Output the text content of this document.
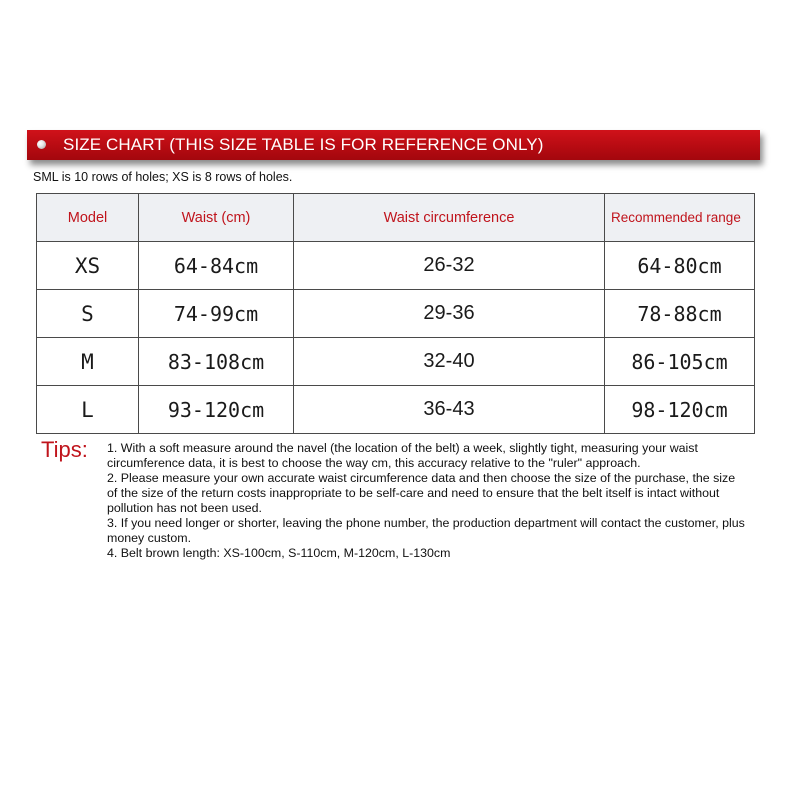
SIZE CHART (THIS SIZE TABLE IS FOR REFERENCE ONLY)
SML is 10 rows of holes; XS is 8 rows of holes.
Model	Waist (cm)	Waist circumference	Recommended range
XS	64-84cm	26-32	64-80cm
S	74-99cm	29-36	78-88cm
M	83-108cm	32-40	86-105cm
L	93-120cm	36-43	98-120cm
Tips: 1. With a soft measure around the navel (the location of the belt) a week, slightly tight, measuring your waist circumference data, it is best to choose the way cm, this accuracy relative to the "ruler" approach.
2. Please measure your own accurate waist circumference data and then choose the size of the purchase, the size of the size of the return costs inappropriate to be self-care and need to ensure that the belt itself is intact without pollution has not been used.
3. If you need longer or shorter, leaving the phone number, the production department will contact the customer, plus money custom.
4. Belt brown length: XS-100cm, S-110cm, M-120cm, L-130cm
